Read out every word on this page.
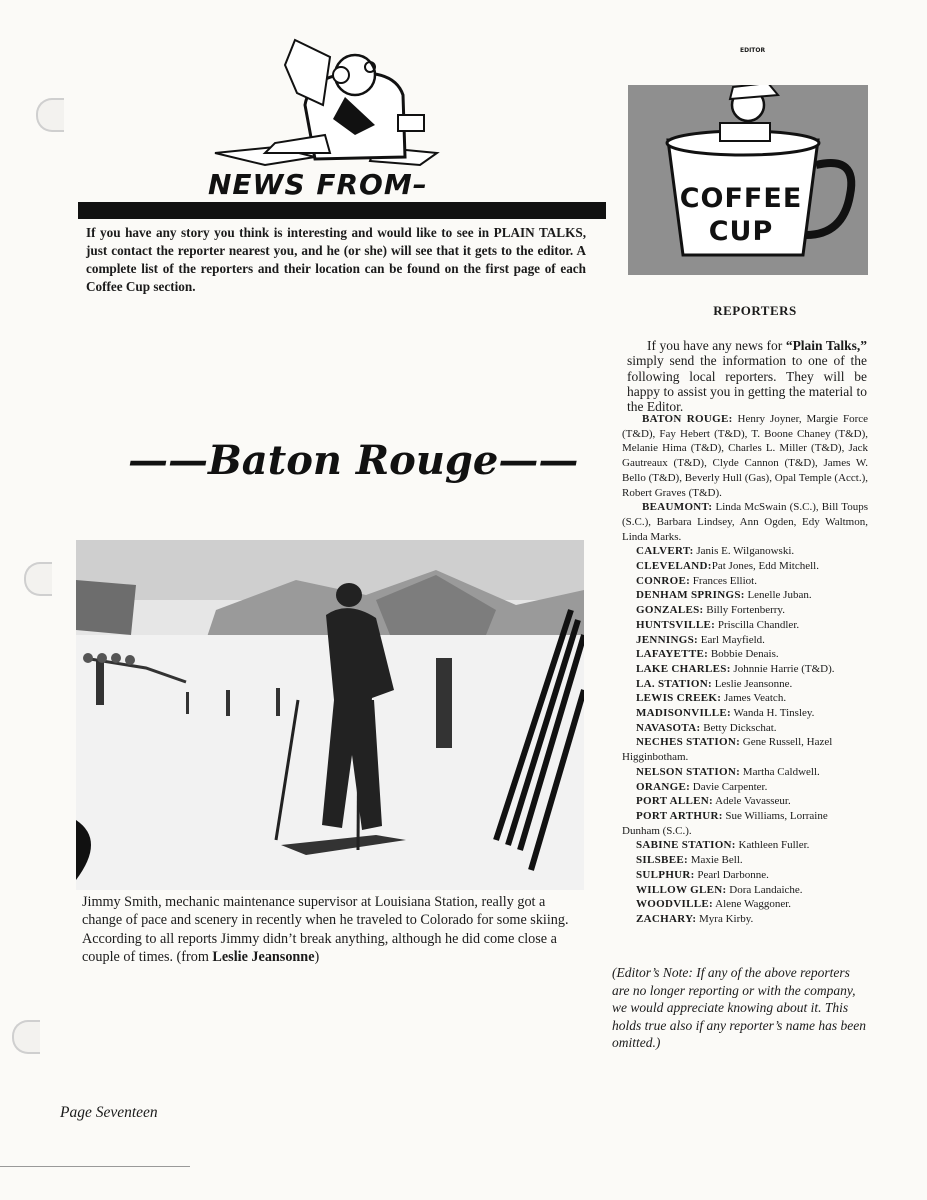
NEWS FROM–
If you have any story you think is interesting and would like to see in PLAIN TALKS, just contact the reporter nearest you, and he (or she) will see that it gets to the editor. A complete list of the reporters and their location can be found on the first page of each Coffee Cup section.
EDITOR
COFFEE
CUP
REPORTERS
If you have any news for “Plain Talks,” simply send the information to one of the following local reporters. They will be happy to assist you in getting the material to the Editor.

BATON ROUGE: Henry Joyner, Margie Force (T&D), Fay Hebert (T&D), T. Boone Chaney (T&D), Melanie Hima (T&D), Charles L. Miller (T&D), Jack Gautreaux (T&D), Clyde Cannon (T&D), James W. Bello (T&D), Beverly Hull (Gas), Opal Temple (Acct.), Robert Graves (T&D).

BEAUMONT: Linda McSwain (S.C.), Bill Toups (S.C.), Barbara Lindsey, Ann Ogden, Edy Waltmon, Linda Marks.

CALVERT: Janis E. Wilganowski.

CLEVELAND:Pat Jones, Edd Mitchell.

CONROE: Frances Elliot.

DENHAM SPRINGS: Lenelle Juban.

GONZALES: Billy Fortenberry.

HUNTSVILLE: Priscilla Chandler.

JENNINGS: Earl Mayfield.

LAFAYETTE: Bobbie Denais.

LAKE CHARLES: Johnnie Harrie (T&D).

LA. STATION: Leslie Jeansonne.

LEWIS CREEK: James Veatch.

MADISONVILLE: Wanda H. Tinsley.

NAVASOTA: Betty Dickschat.

NECHES STATION: Gene Russell, Hazel Higginbotham.

NELSON STATION: Martha Caldwell.

ORANGE: Davie Carpenter.

PORT ALLEN: Adele Vavasseur.

PORT ARTHUR: Sue Williams, Lorraine Dunham (S.C.).

SABINE STATION: Kathleen Fuller.

SILSBEE: Maxie Bell.

SULPHUR: Pearl Darbonne.

WILLOW GLEN: Dora Landaiche.

WOODVILLE: Alene Waggoner.

ZACHARY: Myra Kirby.

(Editor’s Note: If any of the above reporters are no longer reporting or with the company, we would appreciate knowing about it. This holds true also if any reporter’s name has been omitted.)
——Baton Rouge——
Jimmy Smith, mechanic maintenance supervisor at Louisiana Station, really got a change of pace and scenery in recently when he traveled to Colorado for some skiing. According to all reports Jimmy didn’t break anything, although he did come close a couple of times. (from Leslie Jeansonne)
Page Seventeen
